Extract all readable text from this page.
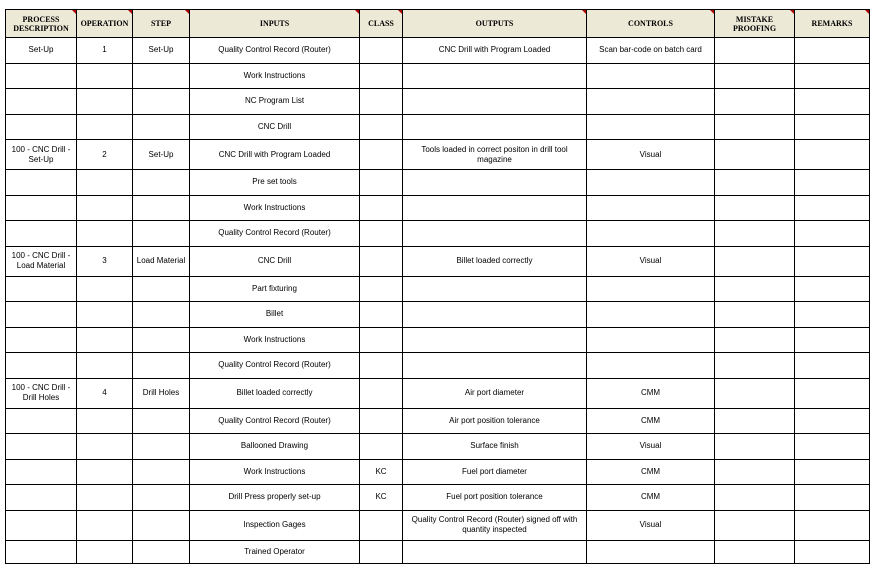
PROCESS DESCRIPTION	OPERATION	STEP	INPUTS	CLASS	OUTPUTS	CONTROLS	MISTAKE PROOFING	REMARKS

Set-Up	1	Set-Up	Quality Control Record (Router)		CNC Drill with Program Loaded	Scan bar-code on batch card		
			Work Instructions					
			NC Program List					
			CNC Drill					
100 - CNC Drill - Set-Up	2	Set-Up	CNC Drill with Program Loaded		Tools loaded in correct positon in drill tool magazine	Visual		
			Pre set tools					
			Work Instructions					
			Quality Control Record (Router)					
100 - CNC Drill - Load Material	3	Load Material	CNC Drill		Billet loaded correctly	Visual		
			Part fixturing					
			Billet					
			Work Instructions					
			Quality Control Record (Router)					
100 - CNC Drill - Drill Holes	4	Drill Holes	Billet loaded correctly		Air port diameter	CMM		
			Quality Control Record (Router)		Air port position tolerance	CMM		
			Ballooned Drawing		Surface finish	Visual		
			Work Instructions	KC	Fuel port diameter	CMM		
			Drill Press properly set-up	KC	Fuel port position tolerance	CMM		
			Inspection Gages		Quality Control Record (Router) signed off with quantity inspected	Visual		
			Trained Operator					
